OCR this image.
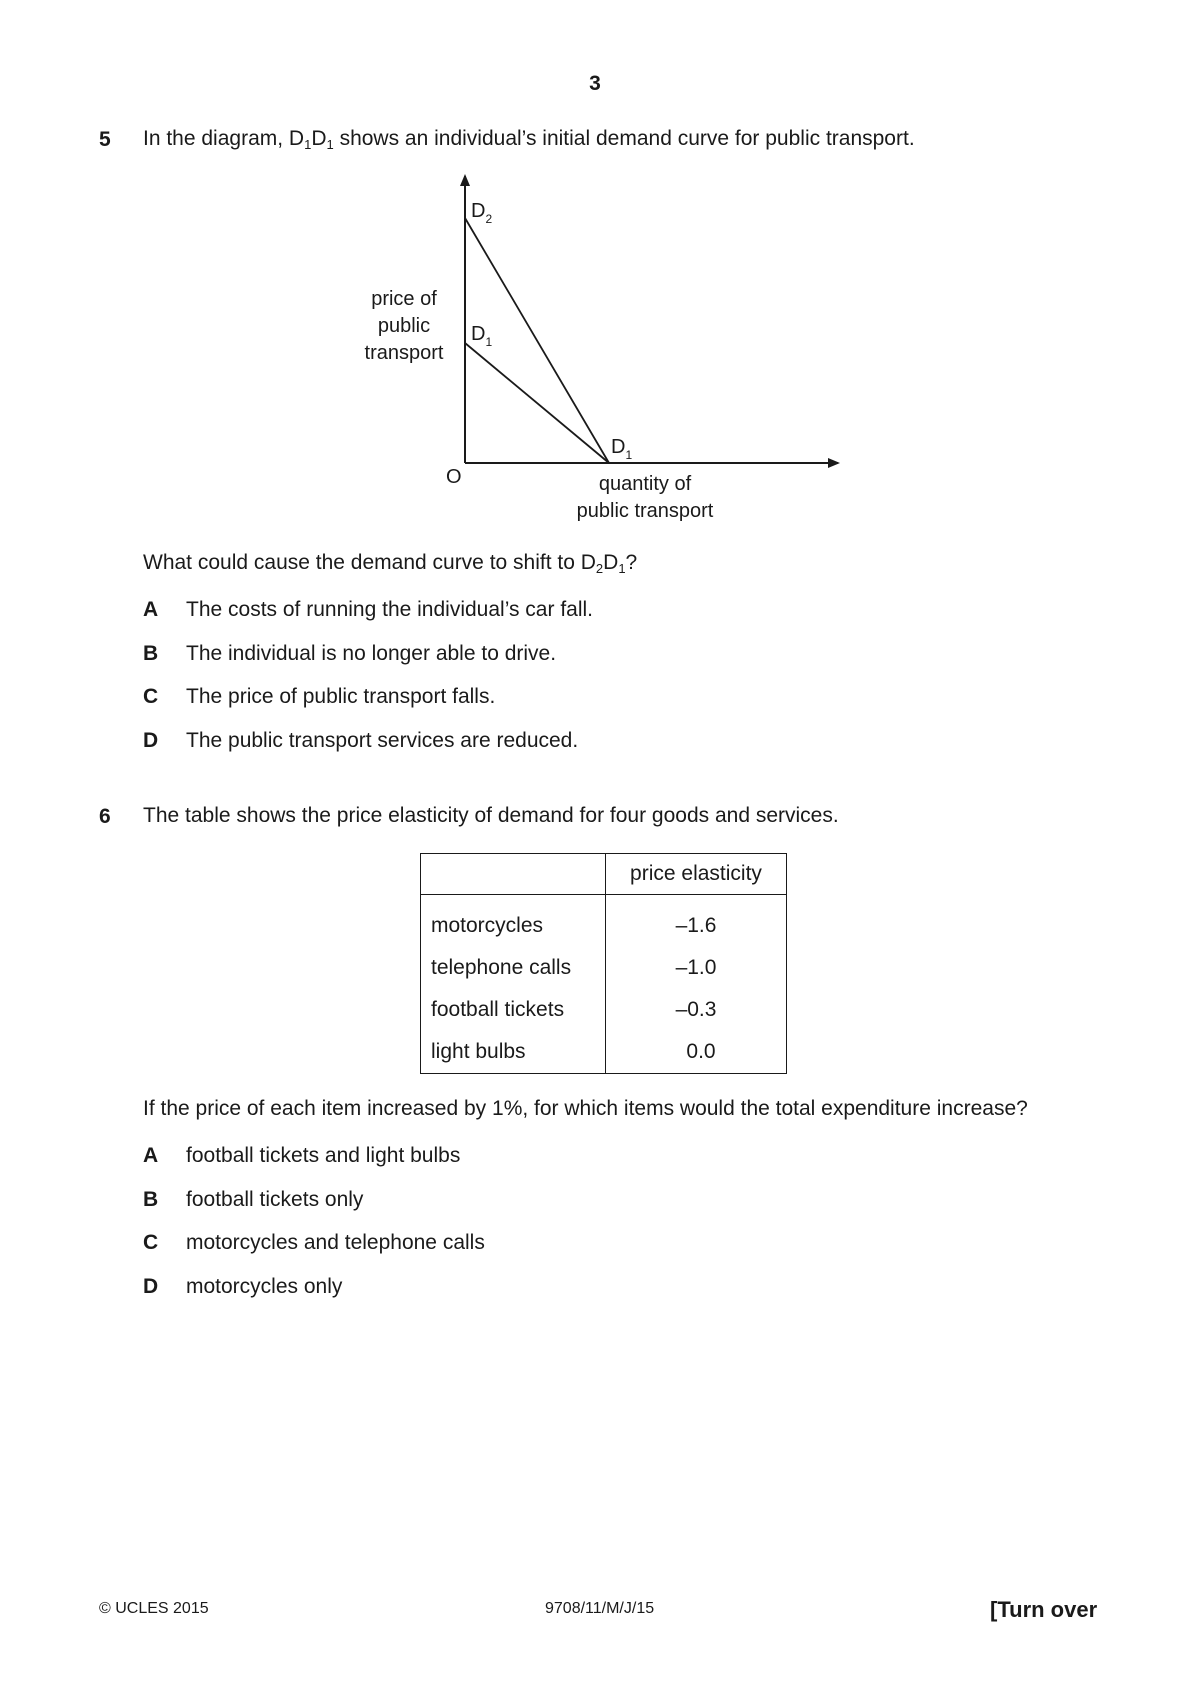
3
5 In the diagram, $D_1D_1$ shows an individual’s initial demand curve for public transport.
price of
public
transport
quantity of
public transport
O
$D_2$
$D_1$
$D_1$
What could cause the demand curve to shift to $D_2D_1$?
A The costs of running the individual’s car fall.
B The individual is no longer able to drive.
C The price of public transport falls.
D The public transport services are reduced.
6 The table shows the price elasticity of demand for four goods and services.
	price elasticity
motorcycles	–1.6
telephone calls	–1.0
football tickets	–0.3
light bulbs	0.0
If the price of each item increased by 1%, for which items would the total expenditure increase?
A football tickets and light bulbs
B football tickets only
C motorcycles and telephone calls
D motorcycles only
© UCLES 2015	9708/11/M/J/15	[Turn over
